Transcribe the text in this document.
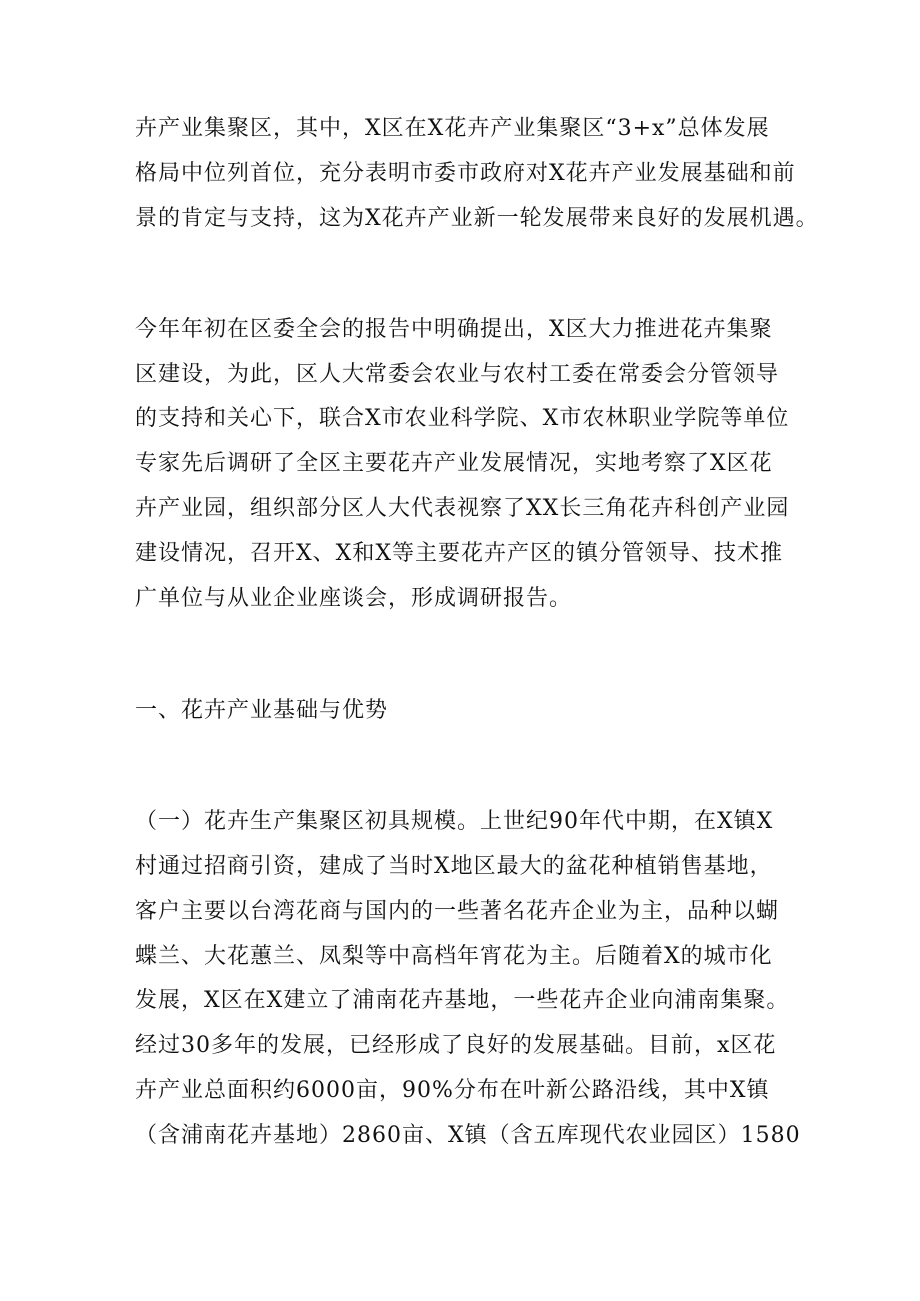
卉产业集聚区，其中，X区在X花卉产业集聚区“3+x”总体发展

格局中位列首位，充分表明市委市政府对X花卉产业发展基础和前

景的肯定与支持，这为X花卉产业新一轮发展带来良好的发展机遇。

今年年初在区委全会的报告中明确提出，X区大力推进花卉集聚

区建设，为此，区人大常委会农业与农村工委在常委会分管领导

的支持和关心下，联合X市农业科学院、X市农林职业学院等单位

专家先后调研了全区主要花卉产业发展情况，实地考察了X区花

卉产业园，组织部分区人大代表视察了XX长三角花卉科创产业园

建设情况，召开X、X和X等主要花卉产区的镇分管领导、技术推

广单位与从业企业座谈会，形成调研报告。

一、花卉产业基础与优势

（一）花卉生产集聚区初具规模。上世纪90年代中期，在X镇X

村通过招商引资，建成了当时X地区最大的盆花种植销售基地，

客户主要以台湾花商与国内的一些著名花卉企业为主，品种以蝴

蝶兰、大花蕙兰、凤梨等中高档年宵花为主。后随着X的城市化

发展，X区在X建立了浦南花卉基地，一些花卉企业向浦南集聚。

经过30多年的发展，已经形成了良好的发展基础。目前，x区花

卉产业总面积约6000亩，90%分布在叶新公路沿线，其中X镇

（含浦南花卉基地）2860亩、X镇（含五库现代农业园区）1580
